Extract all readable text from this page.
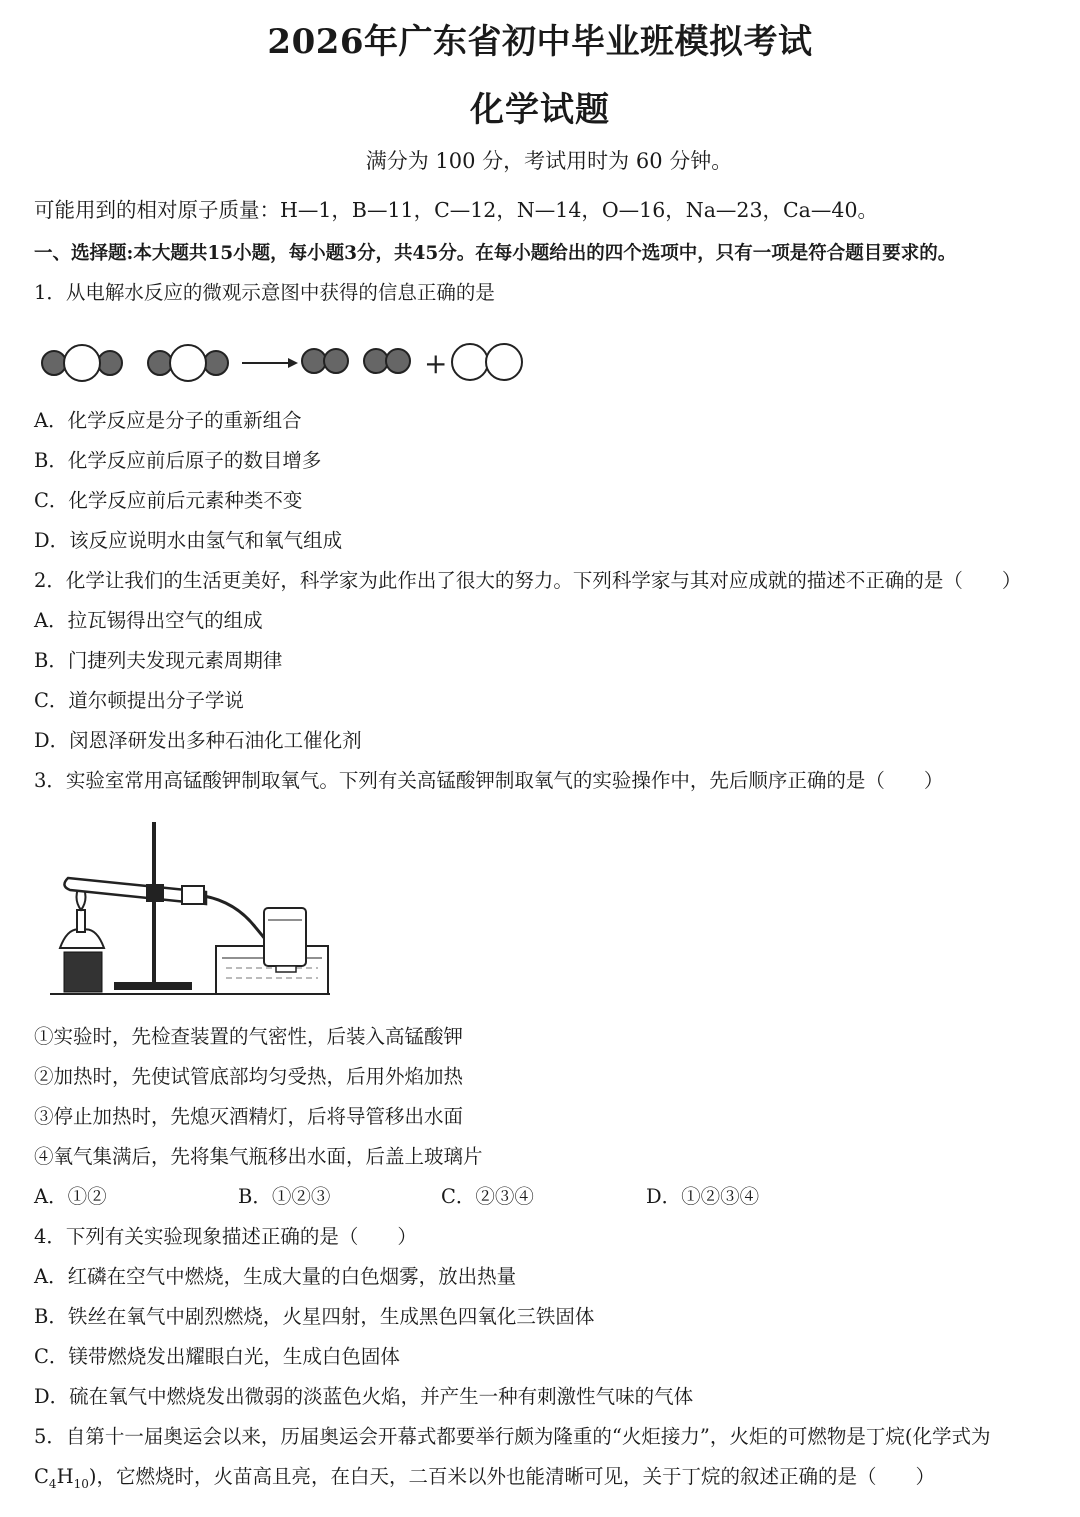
2026年广东省初中毕业班模拟考试
化学试题
满分为 100 分，考试用时为 60 分钟。
可能用到的相对原子质量：H—1，B—11，C—12，N—14，O—16，Na—23，Ca—40。
一、选择题:本大题共15小题，每小题3分，共45分。在每小题给出的四个选项中，只有一项是符合题目要求的。
1．从电解水反应的微观示意图中获得的信息正确的是
+
A．化学反应是分子的重新组合
B．化学反应前后原子的数目增多
C．化学反应前后元素种类不变
D．该反应说明水由氢气和氧气组成
2．化学让我们的生活更美好，科学家为此作出了很大的努力。下列科学家与其对应成就的描述不正确的是（　　）
A．拉瓦锡得出空气的组成
B．门捷列夫发现元素周期律
C．道尔顿提出分子学说
D．闵恩泽研发出多种石油化工催化剂
3．实验室常用高锰酸钾制取氧气。下列有关高锰酸钾制取氧气的实验操作中，先后顺序正确的是（　　）
①实验时，先检查装置的气密性，后装入高锰酸钾
②加热时，先使试管底部均匀受热，后用外焰加热
③停止加热时，先熄灭酒精灯，后将导管移出水面
④氧气集满后，先将集气瓶移出水面，后盖上玻璃片
A．①②	B．①②③	C．②③④	D．①②③④
4．下列有关实验现象描述正确的是（　　）
A．红磷在空气中燃烧，生成大量的白色烟雾，放出热量
B．铁丝在氧气中剧烈燃烧，火星四射，生成黑色四氧化三铁固体
C．镁带燃烧发出耀眼白光，生成白色固体
D．硫在氧气中燃烧发出微弱的淡蓝色火焰，并产生一种有刺激性气味的气体
5．自第十一届奥运会以来，历届奥运会开幕式都要举行颇为隆重的“火炬接力”，火炬的可燃物是丁烷(化学式为
$C_4H_{10}$)，它燃烧时，火苗高且亮，在白天，二百米以外也能清晰可见，关于丁烷的叙述正确的是（　　）
